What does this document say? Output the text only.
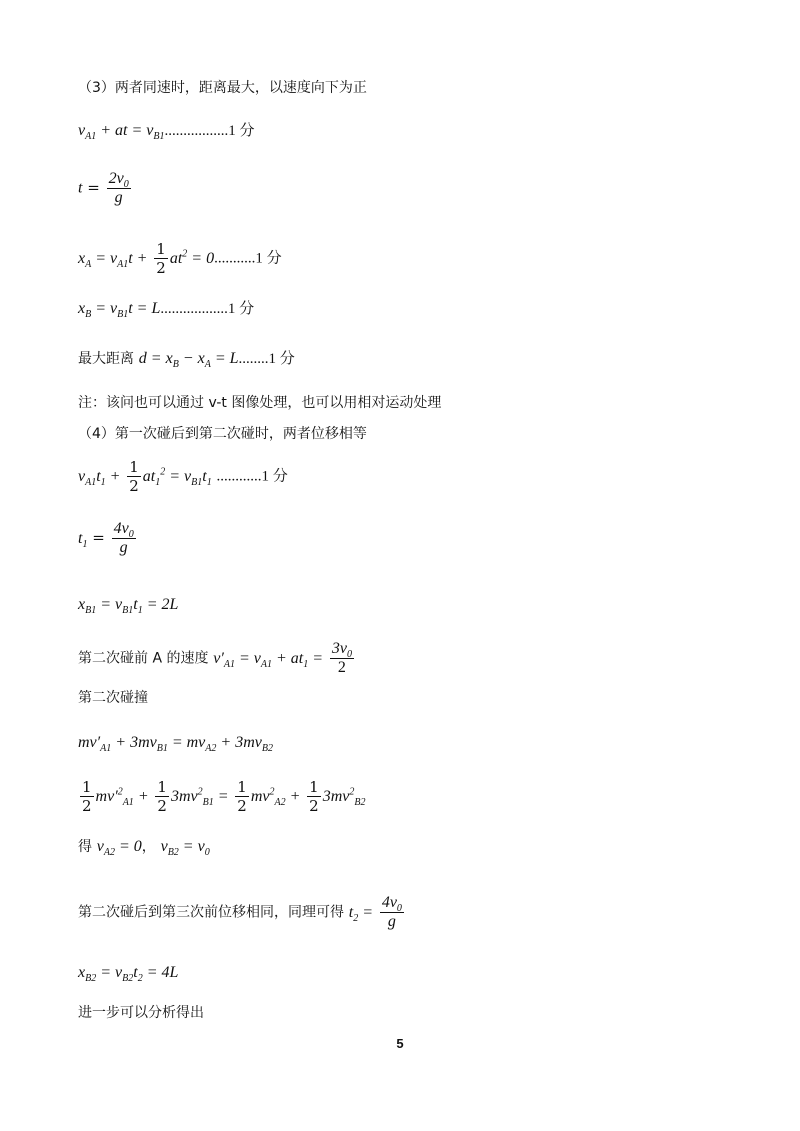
（3）两者同速时，距离最大，以速度向下为正
$v_{A1}$ + at = $v_{B1}.................1$ 分
$t = \frac{2v_0}{g}$
$x_A = v_{A1}t + \frac{1}{2} at^2 = 0...........1$ 分
$x_B = v_{B1}t = L..................1$ 分
最大距离 $d = x_B - x_A = L........1$ 分
注：该问也可以通过 v-t 图像处理，也可以用相对运动处理
（4）第一次碰后到第二次碰时，两者位移相等
$v_{A1}t_1 + \frac{1}{2} at_1^2 = v_{B1}t_1$ ............1 分
$t_1 = \frac{4v_0}{g}$
$x_{B1} = v_{B1}t_1 = 2L$
第二次碰前 A 的速度 $v'_{A1} = v_{A1} + at_1 = \frac{3v_0}{2}$
第二次碰撞
$mv'_{A1} + 3mv_{B1} = mv_{A2} + 3mv_{B2}$
$\frac{1}{2} mv'^2_{A1} + \frac{1}{2} 3mv^2_{B1} = \frac{1}{2} mv^2_{A2} + \frac{1}{2} 3mv^2_{B2}$
得 $v_{A2} = 0$， $v_{B2} = v_0$
第二次碰后到第三次前位移相同，同理可得 $t_2 = \frac{4v_0}{g}$
$x_{B2} = v_{B2}t_2 = 4L$
进一步可以分析得出
5
